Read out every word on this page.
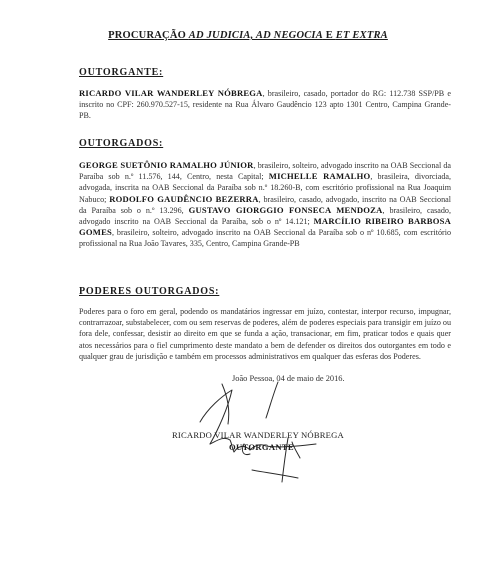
PROCURAÇÃO AD JUDICIA, AD NEGOCIA E ET EXTRA
OUTORGANTE:
RICARDO VILAR WANDERLEY NÓBREGA, brasileiro, casado, portador do RG: 112.738 SSP/PB e inscrito no CPF: 260.970.527-15, residente na Rua Álvaro Gaudêncio 123 apto 1301 Centro, Campina Grande-PB.
OUTORGADOS:
GEORGE SUETÔNIO RAMALHO JÚNIOR, brasileiro, solteiro, advogado inscrito na OAB Seccional da Paraíba sob n.º 11.576, 144, Centro, nesta Capital; MICHELLE RAMALHO, brasileira, divorciada, advogada, inscrita na OAB Seccional da Paraíba sob n.º 18.260-B, com escritório profissional na Rua Joaquim Nabuco; RODOLFO GAUDÊNCIO BEZERRA, brasileiro, casado, advogado, inscrito na OAB Seccional da Paraíba sob o n.º 13.296, GUSTAVO GIORGGIO FONSECA MENDOZA, brasileiro, casado, advogado inscrito na OAB Seccional da Paraíba, sob o nº 14.121; MARCÍLIO RIBEIRO BARBOSA GOMES, brasileiro, solteiro, advogado inscrito na OAB Seccional da Paraíba sob o nº 10.685, com escritório profissional na Rua João Tavares, 335, Centro, Campina Grande-PB
PODERES OUTORGADOS:
Poderes para o foro em geral, podendo os mandatários ingressar em juízo, contestar, interpor recurso, impugnar, contrarrazoar, substabelecer, com ou sem reservas de poderes, além de poderes especiais para transigir em juízo ou fora dele, confessar, desistir ao direito em que se funda a ação, transacionar, em fim, praticar todos e quais quer atos necessários para o fiel cumprimento deste mandato a bem de defender os direitos dos outorgantes em todo e qualquer grau de jurisdição e também em processos administrativos em qualquer das esferas dos Poderes.
João Pessoa, 04 de maio de 2016.
RICARDO VILAR WANDERLEY NÓBREGA
OUTORGANTE
